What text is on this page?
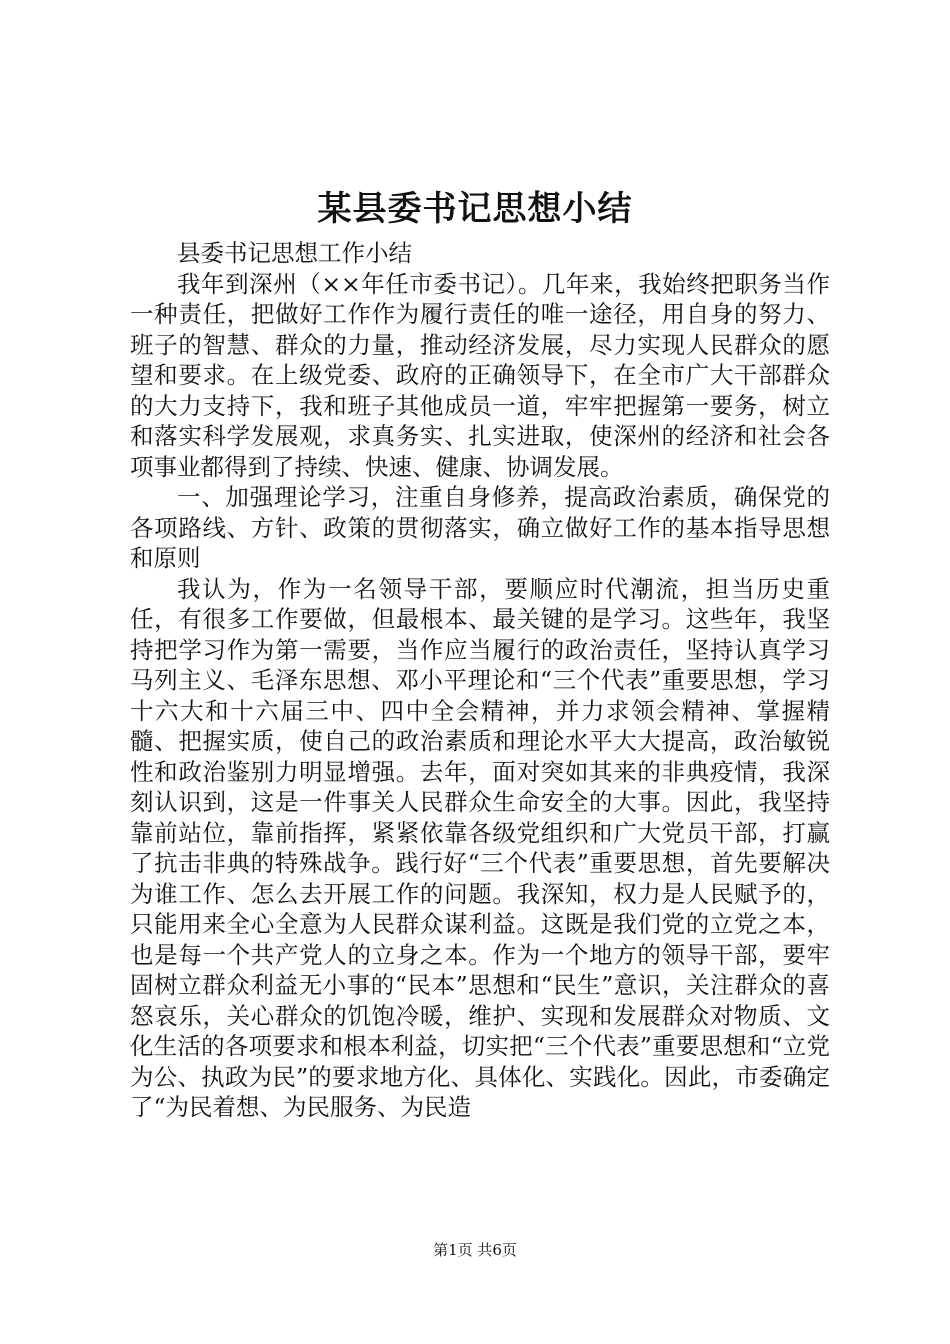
某县委书记思想小结

县委书记思想工作小结

我年到深州（××年任市委书记）。几年来，我始终把职务当作一种责任，把做好工作作为履行责任的唯一途径，用自身的努力、班子的智慧、群众的力量，推动经济发展，尽力实现人民群众的愿望和要求。在上级党委、政府的正确领导下，在全市广大干部群众的大力支持下，我和班子其他成员一道，牢牢把握第一要务，树立和落实科学发展观，求真务实、扎实进取，使深州的经济和社会各项事业都得到了持续、快速、健康、协调发展。

一、加强理论学习，注重自身修养，提高政治素质，确保党的各项路线、方针、政策的贯彻落实，确立做好工作的基本指导思想和原则

我认为，作为一名领导干部，要顺应时代潮流，担当历史重任，有很多工作要做，但最根本、最关键的是学习。这些年，我坚持把学习作为第一需要，当作应当履行的政治责任，坚持认真学习马列主义、毛泽东思想、邓小平理论和“三个代表”重要思想，学习十六大和十六届三中、四中全会精神，并力求领会精神、掌握精髓、把握实质，使自己的政治素质和理论水平大大提高，政治敏锐性和政治鉴别力明显增强。去年，面对突如其来的非典疫情，我深刻认识到，这是一件事关人民群众生命安全的大事。因此，我坚持靠前站位，靠前指挥，紧紧依靠各级党组织和广大党员干部，打赢了抗击非典的特殊战争。践行好“三个代表”重要思想，首先要解决为谁工作、怎么去开展工作的问题。我深知，权力是人民赋予的，只能用来全心全意为人民群众谋利益。这既是我们党的立党之本，也是每一个共产党人的立身之本。作为一个地方的领导干部，要牢固树立群众利益无小事的“民本”思想和“民生”意识，关注群众的喜怒哀乐，关心群众的饥饱冷暖，维护、实现和发展群众对物质、文化生活的各项要求和根本利益，切实把“三个代表”重要思想和“立党为公、执政为民”的要求地方化、具体化、实践化。因此，市委确定了“为民着想、为民服务、为民造

第1页 共6页
